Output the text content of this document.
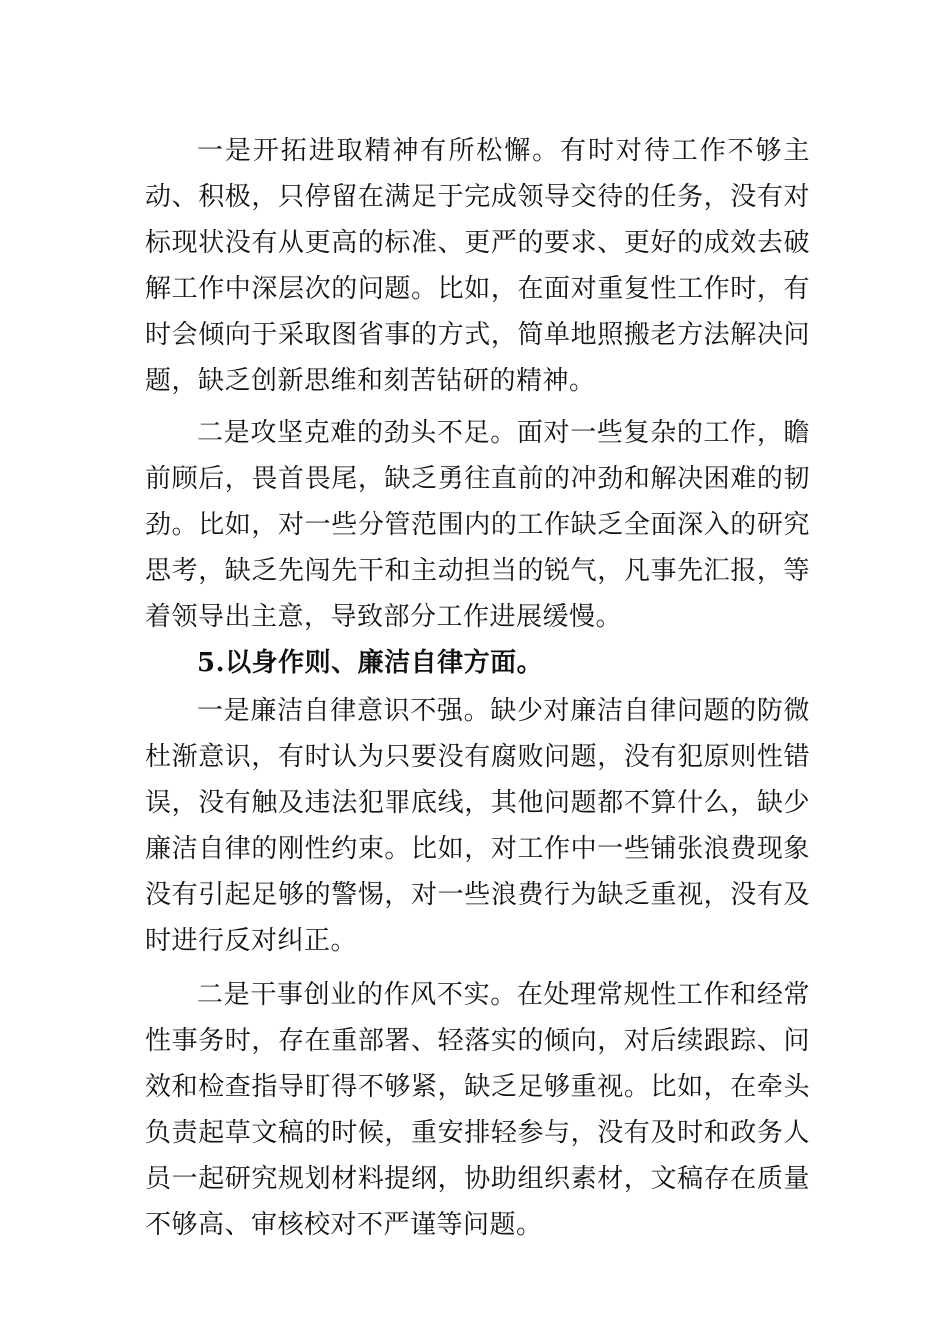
一是开拓进取精神有所松懈。有时对待工作不够主动、积极，只停留在满足于完成领导交待的任务，没有对标现状没有从更高的标准、更严的要求、更好的成效去破解工作中深层次的问题。比如，在面对重复性工作时，有时会倾向于采取图省事的方式，简单地照搬老方法解决问题，缺乏创新思维和刻苦钻研的精神。

二是攻坚克难的劲头不足。面对一些复杂的工作，瞻前顾后，畏首畏尾，缺乏勇往直前的冲劲和解决困难的韧劲。比如，对一些分管范围内的工作缺乏全面深入的研究思考，缺乏先闯先干和主动担当的锐气，凡事先汇报，等着领导出主意，导致部分工作进展缓慢。

5.以身作则、廉洁自律方面。

一是廉洁自律意识不强。缺少对廉洁自律问题的防微杜渐意识，有时认为只要没有腐败问题，没有犯原则性错误，没有触及违法犯罪底线，其他问题都不算什么，缺少廉洁自律的刚性约束。比如，对工作中一些铺张浪费现象没有引起足够的警惕，对一些浪费行为缺乏重视，没有及时进行反对纠正。

二是干事创业的作风不实。在处理常规性工作和经常性事务时，存在重部署、轻落实的倾向，对后续跟踪、问效和检查指导盯得不够紧，缺乏足够重视。比如，在牵头负责起草文稿的时候，重安排轻参与，没有及时和政务人员一起研究规划材料提纲，协助组织素材，文稿存在质量不够高、审核校对不严谨等问题。
